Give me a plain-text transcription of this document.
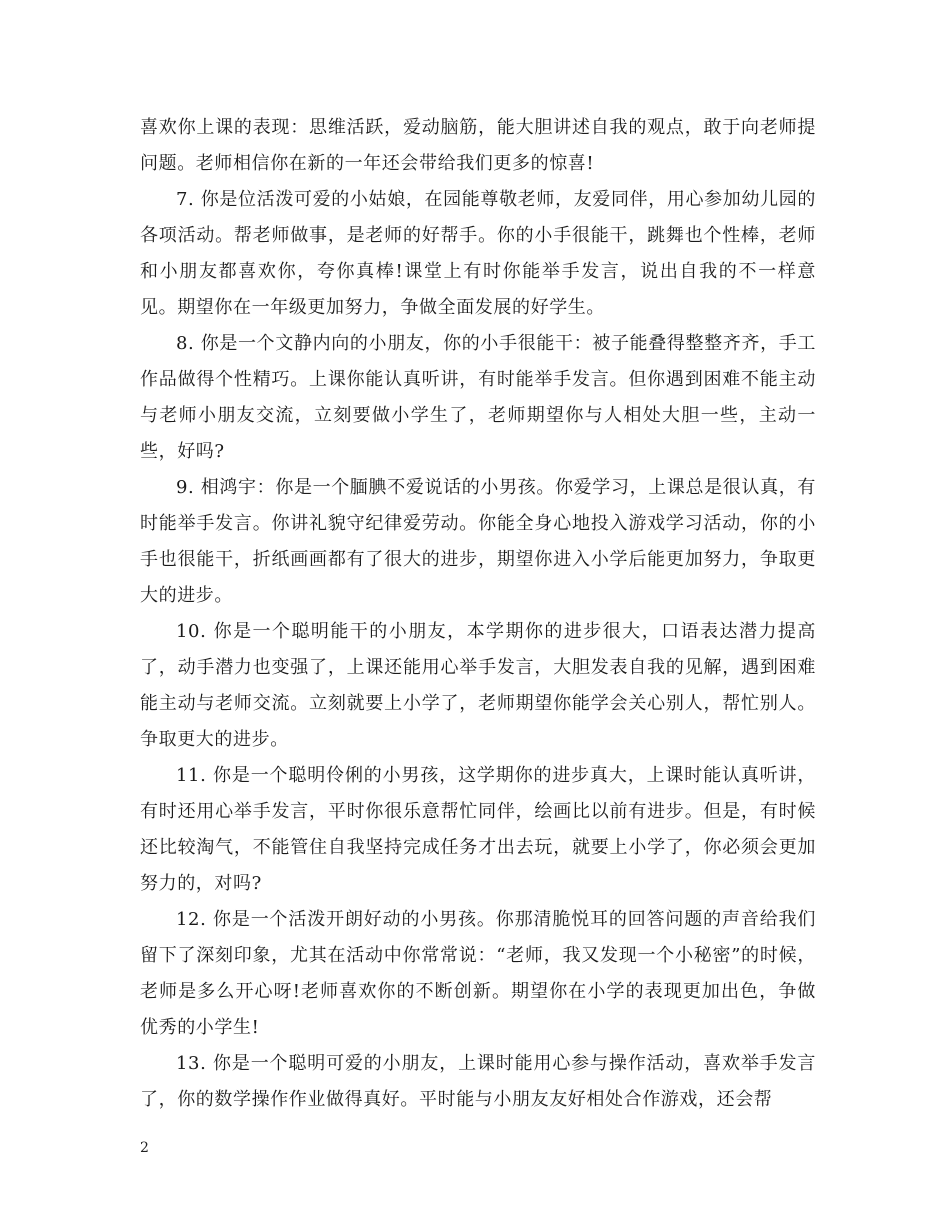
喜欢你上课的表现：思维活跃，爱动脑筋，能大胆讲述自我的观点，敢于向老师提问题。老师相信你在新的一年还会带给我们更多的惊喜!

7. 你是位活泼可爱的小姑娘，在园能尊敬老师，友爱同伴，用心参加幼儿园的各项活动。帮老师做事，是老师的好帮手。你的小手很能干，跳舞也个性棒，老师和小朋友都喜欢你，夸你真棒!课堂上有时你能举手发言，说出自我的不一样意见。期望你在一年级更加努力，争做全面发展的好学生。

8. 你是一个文静内向的小朋友，你的小手很能干：被子能叠得整整齐齐，手工作品做得个性精巧。上课你能认真听讲，有时能举手发言。但你遇到困难不能主动与老师小朋友交流，立刻要做小学生了，老师期望你与人相处大胆一些，主动一些，好吗?

9. 相鸿宇：你是一个腼腆不爱说话的小男孩。你爱学习，上课总是很认真，有时能举手发言。你讲礼貌守纪律爱劳动。你能全身心地投入游戏学习活动，你的小手也很能干，折纸画画都有了很大的进步，期望你进入小学后能更加努力，争取更大的进步。

10. 你是一个聪明能干的小朋友，本学期你的进步很大，口语表达潜力提高了，动手潜力也变强了，上课还能用心举手发言，大胆发表自我的见解，遇到困难能主动与老师交流。立刻就要上小学了，老师期望你能学会关心别人，帮忙别人。争取更大的进步。

11. 你是一个聪明伶俐的小男孩，这学期你的进步真大，上课时能认真听讲，有时还用心举手发言，平时你很乐意帮忙同伴，绘画比以前有进步。但是，有时候还比较淘气，不能管住自我坚持完成任务才出去玩，就要上小学了，你必须会更加努力的，对吗?

12. 你是一个活泼开朗好动的小男孩。你那清脆悦耳的回答问题的声音给我们留下了深刻印象，尤其在活动中你常常说：“老师，我又发现一个小秘密”的时候，老师是多么开心呀!老师喜欢你的不断创新。期望你在小学的表现更加出色，争做优秀的小学生!

13. 你是一个聪明可爱的小朋友，上课时能用心参与操作活动，喜欢举手发言了，你的数学操作作业做得真好。平时能与小朋友友好相处合作游戏，还会帮

2
